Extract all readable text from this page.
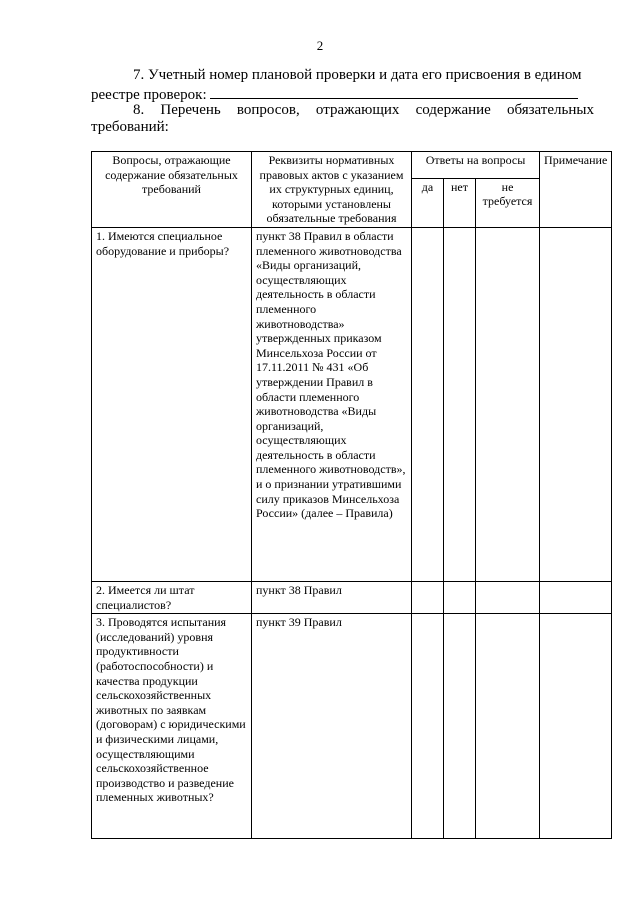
2
7. Учетный номер плановой проверки и дата его присвоения в едином
реестре проверок:
8. Перечень вопросов, отражающих содержание обязательных
требований:
Вопросы, отражающие содержание обязательных требований	Реквизиты нормативных правовых актов с указанием их структурных единиц, которыми установлены обязательные требования	Ответы на вопросы			Примечание
		да	нет	не требуется	
1. Имеются специальное оборудование и приборы?	пункт 38 Правил в области племенного животноводства «Виды организаций, осуществляющих деятельность в области племенного животноводства» утвержденных приказом Минсельхоза России от 17.11.2011 № 431 «Об утверждении Правил в области племенного животноводства «Виды организаций, осуществляющих деятельность в области племенного животноводств», и о признании утратившими силу приказов Минсельхоза России» (далее – Правила)				
2. Имеется ли штат специалистов?	пункт 38 Правил				
3. Проводятся испытания (исследований) уровня продуктивности (работоспособности) и качества продукции сельскохозяйственных животных по заявкам (договорам) с юридическими и физическими лицами, осуществляющими сельскохозяйственное производство и разведение племенных животных?	пункт 39 Правил				
